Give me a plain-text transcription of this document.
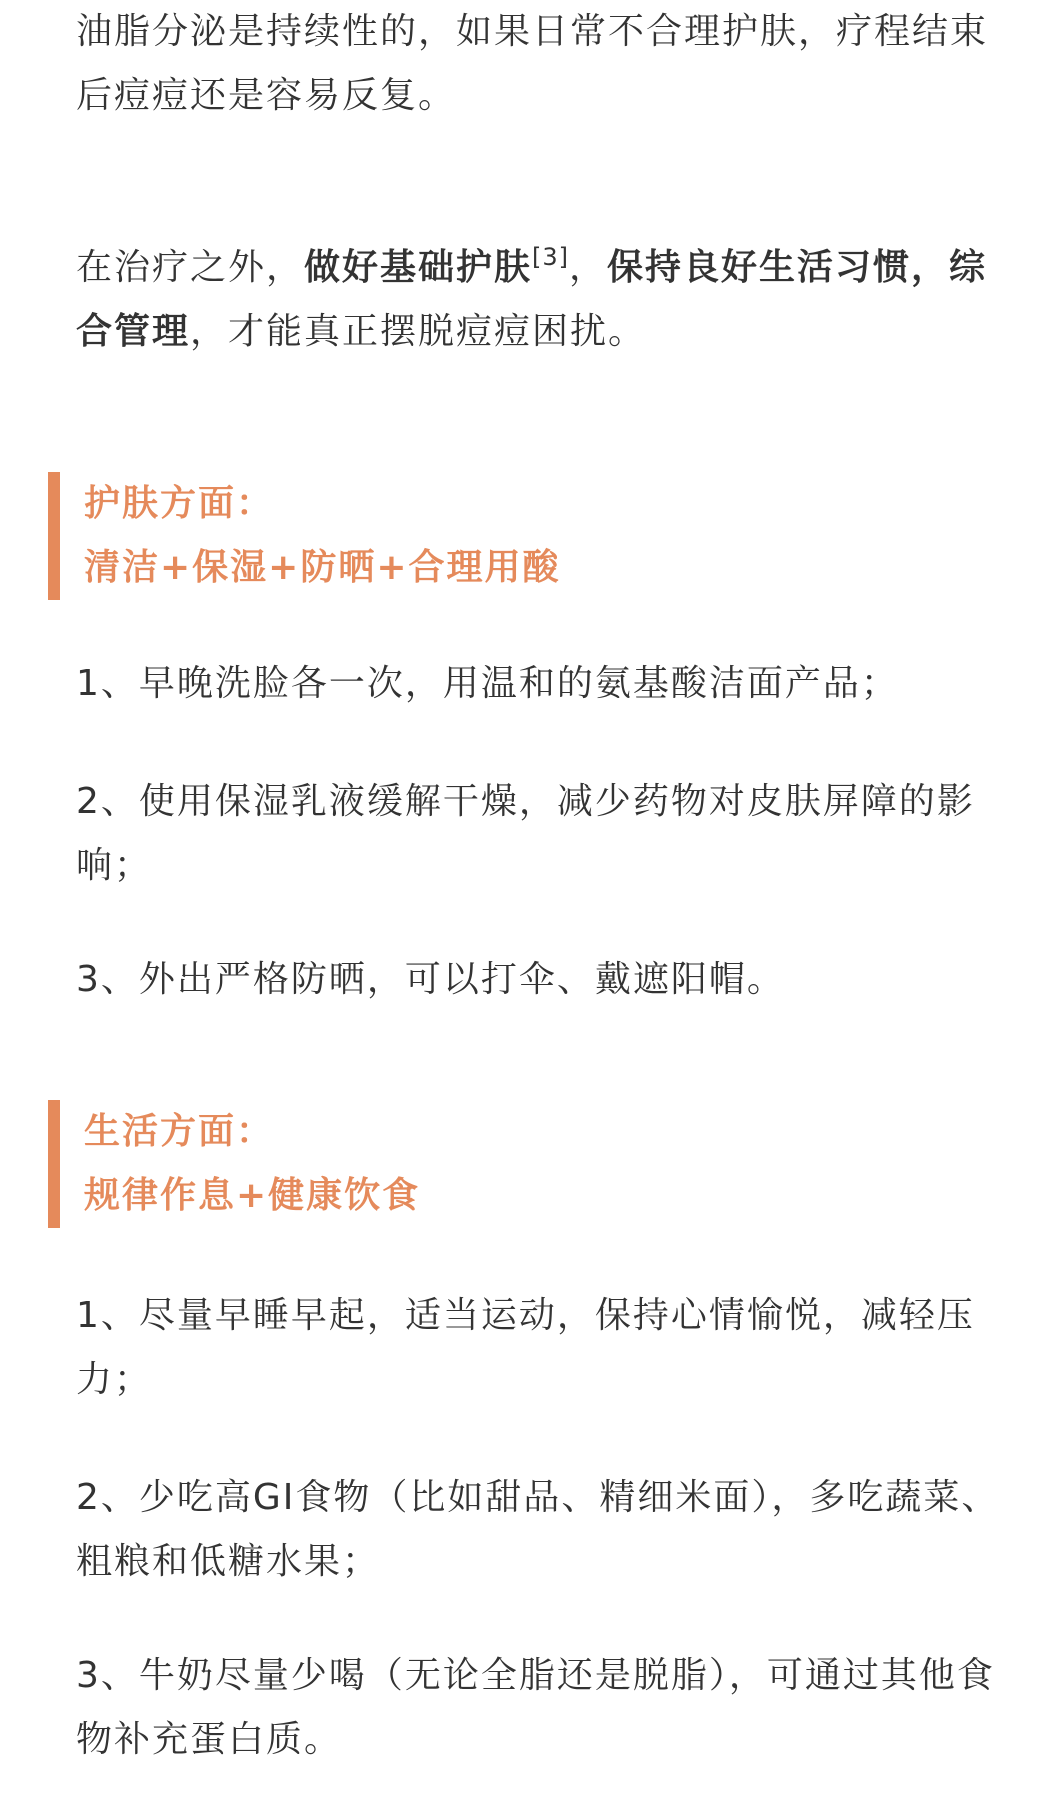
油脂分泌是持续性的，如果日常不合理护肤，疗程结束后痘痘还是容易反复。

在治疗之外，做好基础护肤[3]，保持良好生活习惯，综合管理，才能真正摆脱痘痘困扰。

护肤方面：
清洁+保湿+防晒+合理用酸

1、早晚洗脸各一次，用温和的氨基酸洁面产品；

2、使用保湿乳液缓解干燥，减少药物对皮肤屏障的影响；

3、外出严格防晒，可以打伞、戴遮阳帽。

生活方面：
规律作息+健康饮食

1、尽量早睡早起，适当运动，保持心情愉悦，减轻压力；

2、少吃高GI食物（比如甜品、精细米面），多吃蔬菜、粗粮和低糖水果；

3、牛奶尽量少喝（无论全脂还是脱脂），可通过其他食物补充蛋白质。
